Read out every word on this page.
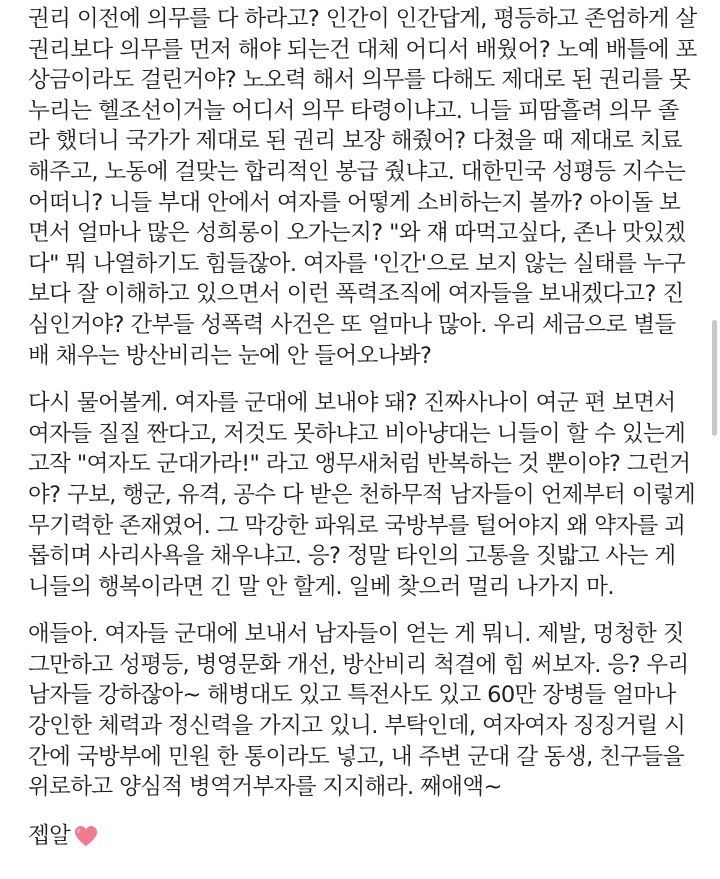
권리 이전에 의무를 다 하라고? 인간이 인간답게, 평등하고 존엄하게 살
권리보다 의무를 먼저 해야 되는건 대체 어디서 배웠어? 노예 배틀에 포
상금이라도 걸린거야? 노오력 해서 의무를 다해도 제대로 된 권리를 못
누리는 헬조선이거늘 어디서 의무 타령이냐고. 니들 피땀흘려 의무 졸
라 했더니 국가가 제대로 된 권리 보장 해줬어? 다쳤을 때 제대로 치료
해주고, 노동에 걸맞는 합리적인 봉급 줬냐고. 대한민국 성평등 지수는
어떠니? 니들 부대 안에서 여자를 어떻게 소비하는지 볼까? 아이돌 보
면서 얼마나 많은 성희롱이 오가는지? "와 쟤 따먹고싶다, 존나 맛있겠
다" 뭐 나열하기도 힘들잖아. 여자를 '인간'으로 보지 않는 실태를 누구
보다 잘 이해하고 있으면서 이런 폭력조직에 여자들을 보내겠다고? 진
심인거야? 간부들 성폭력 사건은 또 얼마나 많아. 우리 세금으로 별들
배 채우는 방산비리는 눈에 안 들어오나봐?
다시 물어볼게. 여자를 군대에 보내야 돼? 진짜사나이 여군 편 보면서
여자들 질질 짠다고, 저것도 못하냐고 비아냥대는 니들이 할 수 있는게
고작 "여자도 군대가라!" 라고 앵무새처럼 반복하는 것 뿐이야? 그런거
야? 구보, 행군, 유격, 공수 다 받은 천하무적 남자들이 언제부터 이렇게
무기력한 존재였어. 그 막강한 파워로 국방부를 털어야지 왜 약자를 괴
롭히며 사리사욕을 채우냐고. 응? 정말 타인의 고통을 짓밟고 사는 게
니들의 행복이라면 긴 말 안 할게. 일베 찾으러 멀리 나가지 마.
애들아. 여자들 군대에 보내서 남자들이 얻는 게 뭐니. 제발, 멍청한 짓
그만하고 성평등, 병영문화 개선, 방산비리 척결에 힘 써보자. 응? 우리
남자들 강하잖아~ 해병대도 있고 특전사도 있고 60만 장병들 얼마나
강인한 체력과 정신력을 가지고 있니. 부탁인데, 여자여자 징징거릴 시
간에 국방부에 민원 한 통이라도 넣고, 내 주변 군대 갈 동생, 친구들을
위로하고 양심적 병역거부자를 지지해라. 째애액~
젭알
